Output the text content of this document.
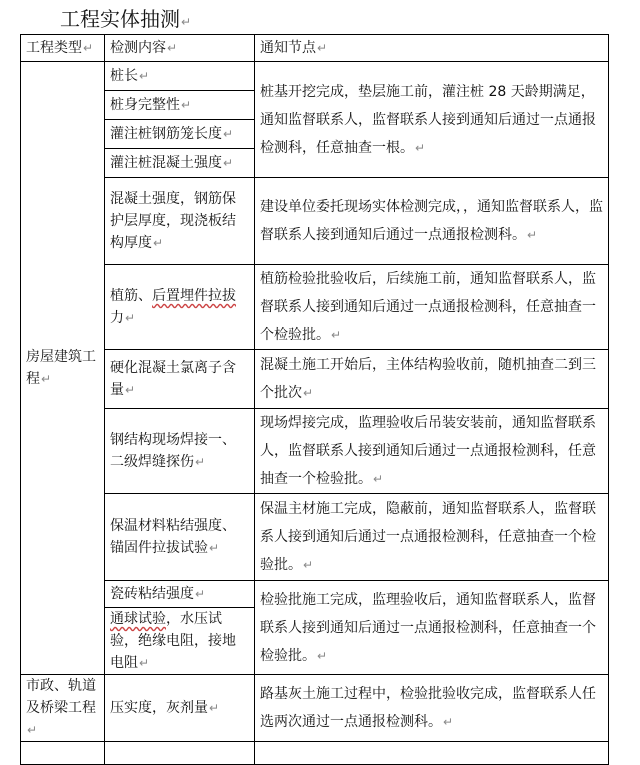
工程实体抽测↵
工程类型↵	检测内容↵	通知节点↵
房屋建筑工程↵	桩长↵	桩基开挖完成，垫层施工前，灌注桩 28 天龄期满足，通知监督联系人，监督联系人接到通知后通过一点通报检测科，任意抽查一根。↵
	桩身完整性↵	
	灌注桩钢筋笼长度↵	
	灌注桩混凝土强度↵	
	混凝土强度，钢筋保护层厚度，现浇板结构厚度↵	建设单位委托现场实体检测完成，，通知监督联系人，监督联系人接到通知后通过一点通报检测科。↵
	植筋、后置埋件拉拔力↵	植筋检验批验收后，后续施工前，通知监督联系人，监督联系人接到通知后通过一点通报检测科，任意抽查一个检验批。↵
	硬化混凝土氯离子含量↵	混凝土施工开始后，主体结构验收前，随机抽查二到三个批次↵
	钢结构现场焊接一、二级焊缝探伤↵	现场焊接完成，监理验收后吊装安装前，通知监督联系人，监督联系人接到通知后通过一点通报检测科，任意抽查一个检验批。↵
	保温材料粘结强度、锚固件拉拔试验↵	保温主材施工完成，隐蔽前，通知监督联系人，监督联系人接到通知后通过一点通报检测科，任意抽查一个检验批。↵
	瓷砖粘结强度↵	检验批施工完成，监理验收后，通知监督联系人，监督联系人接到通知后通过一点通报检测科，任意抽查一个检验批。↵
	通球试验，水压试验，绝缘电阻，接地电阻↵	

市政、轨道及桥梁工程↵	压实度，灰剂量↵	路基灰土施工过程中，检验批验收完成，监督联系人任选两次通过一点通报检测科。↵
